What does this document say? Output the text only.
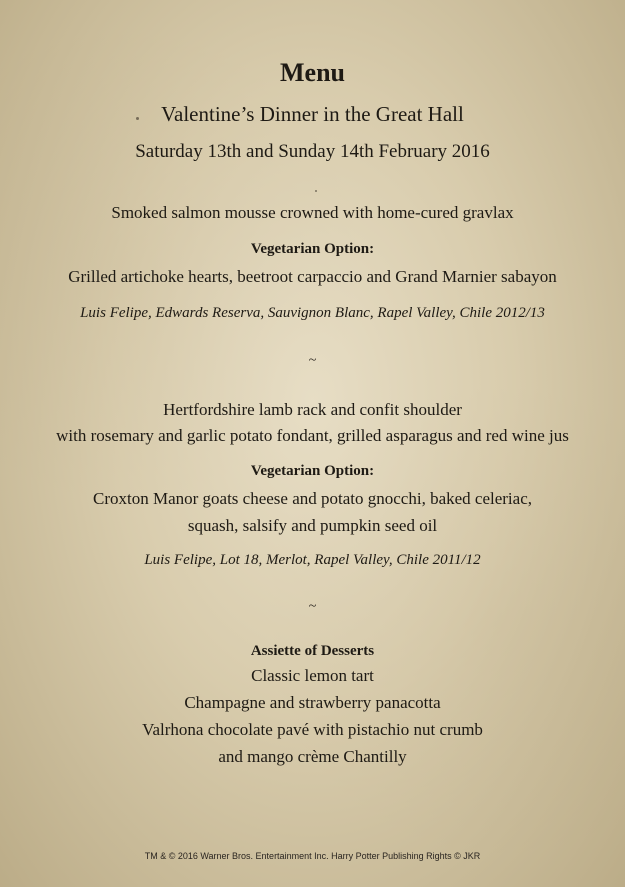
Menu
Valentine’s Dinner in the Great Hall
Saturday 13th and Sunday 14th February 2016
Smoked salmon mousse crowned with home-cured gravlax
Vegetarian Option:
Grilled artichoke hearts, beetroot carpaccio and Grand Marnier sabayon
Luis Felipe, Edwards Reserva, Sauvignon Blanc, Rapel Valley, Chile 2012/13
~
Hertfordshire lamb rack and confit shoulder
with rosemary and garlic potato fondant, grilled asparagus and red wine jus
Vegetarian Option:
Croxton Manor goats cheese and potato gnocchi, baked celeriac,
squash, salsify and pumpkin seed oil
Luis Felipe, Lot 18, Merlot, Rapel Valley, Chile 2011/12
~
Assiette of Desserts
Classic lemon tart
Champagne and strawberry panacotta
Valrhona chocolate pavé with pistachio nut crumb
and mango crème Chantilly
TM & © 2016 Warner Bros. Entertainment Inc. Harry Potter Publishing Rights © JKR
